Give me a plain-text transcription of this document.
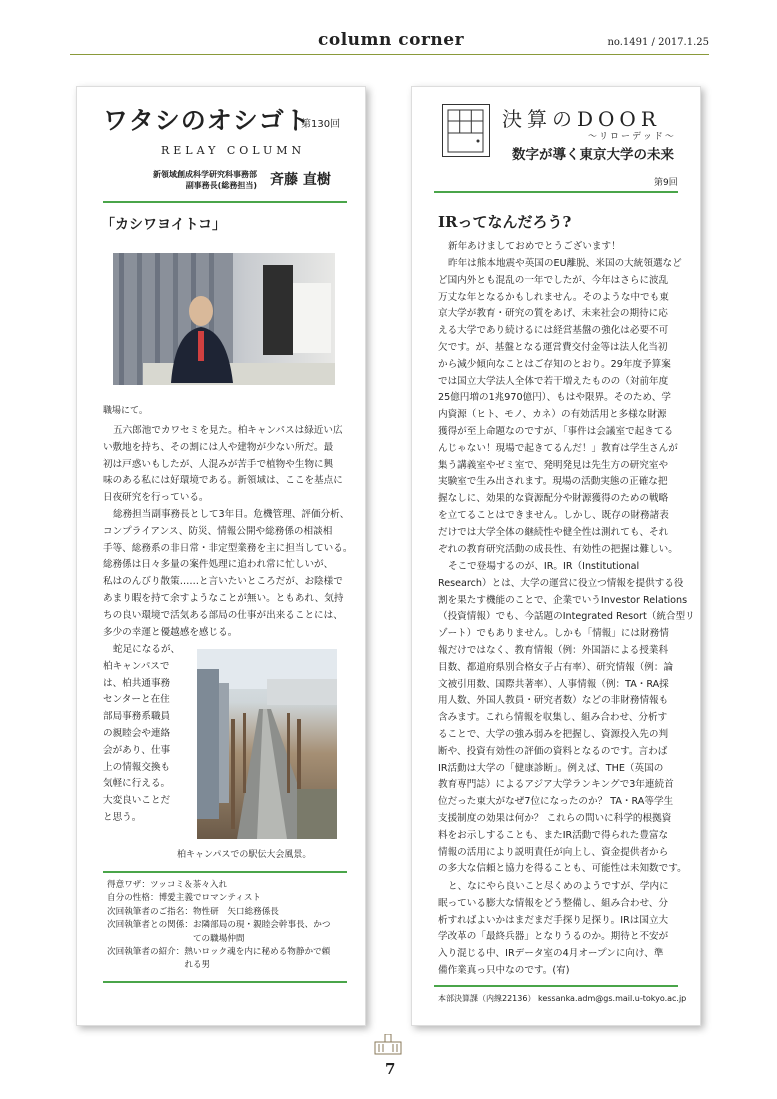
column corner	no.1491 / 2017.1.25
ワタシのオシゴト
第130回
RELAY COLUMN
新領域創成科学研究科事務部
副事務長(総務担当) 斉藤 直樹
「カシワヨイトコ」
職場にて。

五六郎池でカワセミを見た。柏キャンパスは緑近い広

い敷地を持ち、その割には人や建物が少ない所だ。最

初は戸惑いもしたが、人混みが苦手で植物や生物に興

味のある私には好環境である。新領域は、ここを基点に

日夜研究を行っている。

総務担当副事務長として3年目。危機管理、評価分析、

コンプライアンス、防災、情報公開や総務係の相談相

手等、総務系の非日常・非定型業務を主に担当している。

総務係は日々多量の案件処理に追われ常に忙しいが、

私はのんびり散策……と言いたいところだが、お陰様で

あまり暇を持て余すようなことが無い。ともあれ、気持

ちの良い環境で活気ある部局の仕事が出来ることには、

多少の幸運と優越感を感じる。

蛇足になるが、

柏キャンパスで

は、柏共通事務

センターと在住

部局事務系職員

の親睦会や連絡

会があり、仕事

上の情報交換も

気軽に行える。

大変良いことだ

と思う。

柏キャンパスでの駅伝大会風景。
得意ワザ：ツッコミ＆茶々入れ
自分の性格：博愛主義でロマンティスト
次回執筆者のご指名：物性研　矢口総務係長
次回執筆者との関係：お隣部局の現・親睦会幹事長、かつ
　　　　　　　　　　ての職場仲間
次回執筆者の紹介：熱いロック魂を内に秘める物静かで頼
　　　　　　　　　れる男
決算のDOOR
～リローデッド～
数字が導く東京大学の未来
第9回
IRってなんだろう?

新年あけましておめでとうございます！

昨年は熊本地震や英国のEU離脱、米国の大統領選など

ど国内外とも混乱の一年でしたが、今年はさらに波乱

万丈な年となるかもしれません。そのような中でも東

京大学が教育・研究の質をあげ、未来社会の期待に応

える大学であり続けるには経営基盤の強化は必要不可

欠です。が、基盤となる運営費交付金等は法人化当初

から減少傾向なことはご存知のとおり。29年度予算案

では国立大学法人全体で若干増えたものの（対前年度

25億円増の1兆970億円）、もはや限界。そのため、学

内資源（ヒト、モノ、カネ）の有効活用と多様な財源

獲得が至上命題なのですが、「事件は会議室で起きてる

んじゃない！現場で起きてるんだ！」教育は学生さんが

集う講義室やゼミ室で、発明発見は先生方の研究室や

実験室で生み出されます。現場の活動実態の正確な把

握なしに、効果的な資源配分や財源獲得のための戦略

を立てることはできません。しかし、既存の財務諸表

だけでは大学全体の継続性や健全性は測れても、それ

ぞれの教育研究活動の成長性、有効性の把握は難しい。

そこで登場するのが、IR。IR（Institutional

Research）とは、大学の運営に役立つ情報を提供する役

割を果たす機能のことで、企業でいうInvestor Relations

（投資情報）でも、今話題のIntegrated Resort（統合型リ

ゾート）でもありません。しかも「情報」には財務情

報だけではなく、教育情報（例：外国語による授業科

目数、都道府県別合格女子占有率）、研究情報（例：論

文被引用数、国際共著率）、人事情報（例：TA・RA採

用人数、外国人教員・研究者数）などの非財務情報も

含みます。これら情報を収集し、組み合わせ、分析す

ることで、大学の強み弱みを把握し、資源投入先の判

断や、投資有効性の評価の資料となるのです。言わば

IR活動は大学の「健康診断」。例えば、THE（英国の

教育専門誌）によるアジア大学ランキングで3年連続首

位だった東大がなぜ7位になったのか？ TA・RA等学生

支援制度の効果は何か？ これらの問いに科学的根拠資

料をお示しすることも、またIR活動で得られた豊富な

情報の活用により説明責任が向上し、資金提供者から

の多大な信頼と協力を得ることも、可能性は未知数です。

と、なにやら良いこと尽くめのようですが、学内に

眠っている膨大な情報をどう整備し、組み合わせ、分

析すればよいかはまだまだ手探り足探り。IRは国立大

学改革の「最終兵器」となりうるのか。期待と不安が

入り混じる中、IRデータ室の4月オープンに向け、準

備作業真っ只中なのです。(宥)

本部決算課（内線22136） kessanka.adm@gs.mail.u-tokyo.ac.jp
7
